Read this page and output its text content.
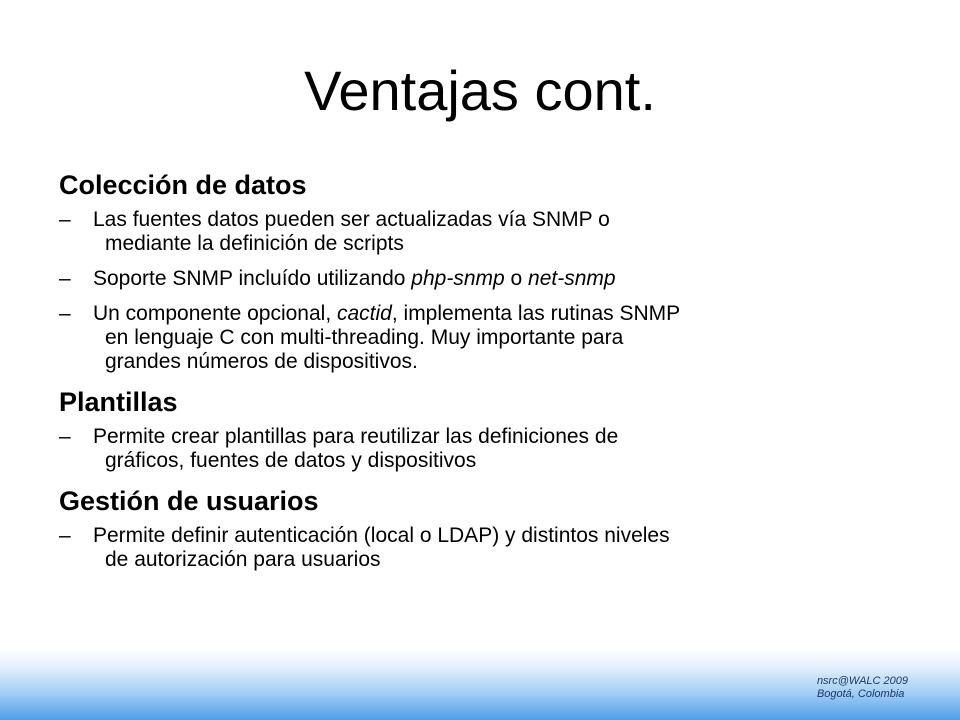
Ventajas cont.
Colección de datos
– Las fuentes datos pueden ser actualizadas vía SNMP o
mediante la definición de scripts
– Soporte SNMP incluído utilizando php-snmp o net-snmp
– Un componente opcional, cactid, implementa las rutinas SNMP
en lenguaje C con multi-threading. Muy importante para
grandes números de dispositivos.
Plantillas
– Permite crear plantillas para reutilizar las definiciones de
gráficos, fuentes de datos y dispositivos
Gestión de usuarios
– Permite definir autenticación (local o LDAP) y distintos niveles
de autorización para usuarios
nsrc@WALC 2009
Bogotá, Colombia
